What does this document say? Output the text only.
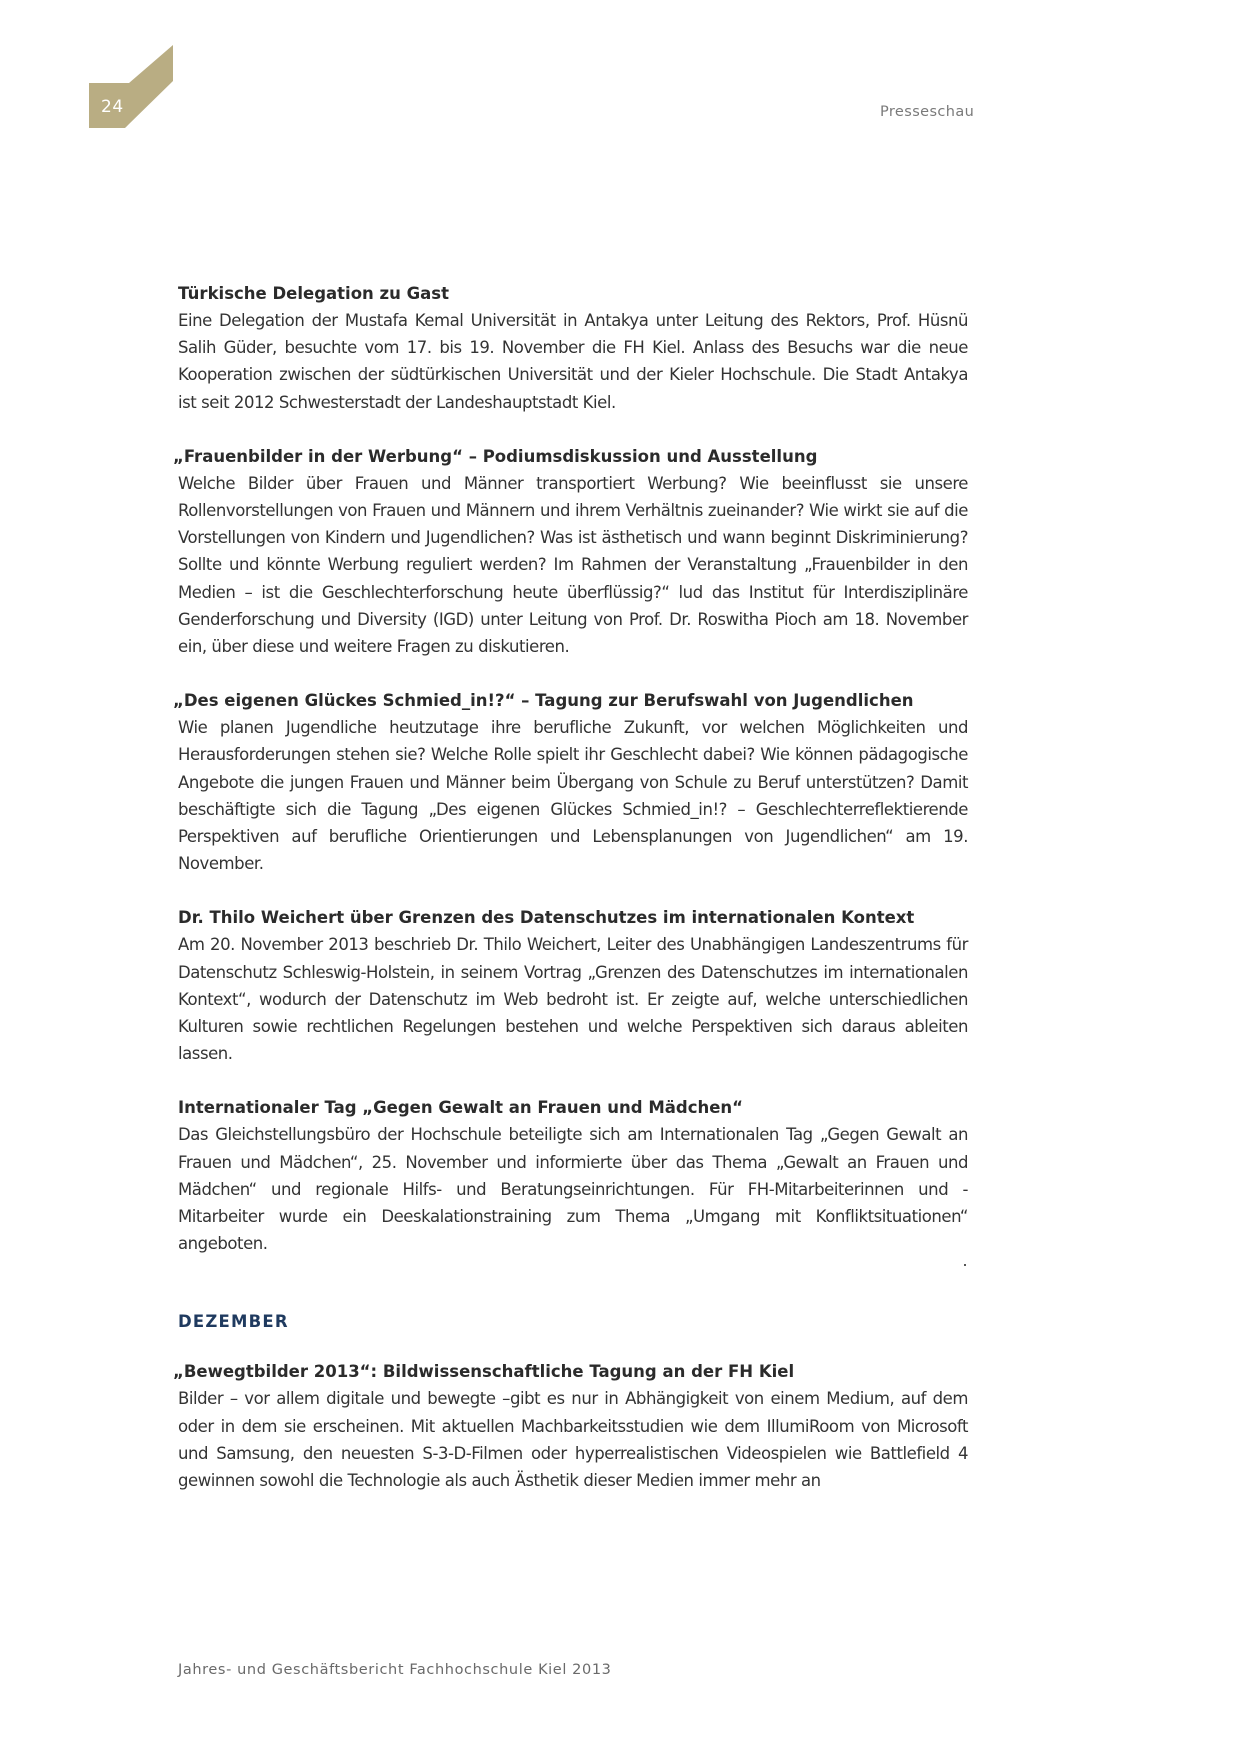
24	Presseschau

Türkische Delegation zu Gast

Eine Delegation der Mustafa Kemal Universität in Antakya unter Leitung des Rektors, Prof. Hüsnü Salih Güder, besuchte vom 17. bis 19. November die FH Kiel. Anlass des Besuchs war die neue Kooperation zwischen der südtürkischen Universität und der Kieler Hochschule. Die Stadt Antakya ist seit 2012 Schwesterstadt der Landeshauptstadt Kiel.

„Frauenbilder in der Werbung“ – Podiumsdiskussion und Ausstellung

Welche Bilder über Frauen und Männer transportiert Werbung? Wie beeinflusst sie unsere Rollenvorstellungen von Frauen und Männern und ihrem Verhältnis zueinander? Wie wirkt sie auf die Vorstellungen von Kindern und Jugendlichen? Was ist ästhetisch und wann beginnt Diskriminierung? Sollte und könnte Werbung reguliert werden? Im Rahmen der Veranstaltung „Frauenbilder in den Medien – ist die Geschlechterforschung heute überflüssig?“ lud das Institut für Interdisziplinäre Genderforschung und Diversity (IGD) unter Leitung von Prof. Dr. Roswitha Pioch am 18. November ein, über diese und weitere Fragen zu diskutieren.

„Des eigenen Glückes Schmied_in!?“ – Tagung zur Berufswahl von Jugendlichen

Wie planen Jugendliche heutzutage ihre berufliche Zukunft, vor welchen Möglichkeiten und Herausforderungen stehen sie? Welche Rolle spielt ihr Geschlecht dabei? Wie können pädagogische Angebote die jungen Frauen und Männer beim Übergang von Schule zu Beruf unterstützen? Damit beschäftigte sich die Tagung „Des eigenen Glückes Schmied_in!? – Geschlechterreflektierende Perspektiven auf berufliche Orientierungen und Lebensplanungen von Jugendlichen“ am 19. November.

Dr. Thilo Weichert über Grenzen des Datenschutzes im internationalen Kontext

Am 20. November 2013 beschrieb Dr. Thilo Weichert, Leiter des Unabhängigen Landeszentrums für Datenschutz Schleswig-Holstein, in seinem Vortrag „Grenzen des Datenschutzes im internationalen Kontext“, wodurch der Datenschutz im Web bedroht ist. Er zeigte auf, welche unterschiedlichen Kulturen sowie rechtlichen Regelungen bestehen und welche Perspektiven sich daraus ableiten lassen.

Internationaler Tag „Gegen Gewalt an Frauen und Mädchen“

Das Gleichstellungsbüro der Hochschule beteiligte sich am Internationalen Tag „Gegen Gewalt an Frauen und Mädchen“, 25. November und informierte über das Thema „Gewalt an Frauen und Mädchen“ und regionale Hilfs- und Beratungseinrichtungen. Für FH-Mitarbeiterinnen und -Mitarbeiter wurde ein Deeskalationstraining zum Thema „Umgang mit Konfliktsituationen“ angeboten.

DEZEMBER

„Bewegtbilder 2013“: Bildwissenschaftliche Tagung an der FH Kiel

Bilder – vor allem digitale und bewegte –gibt es nur in Abhängigkeit von einem Medium, auf dem oder in dem sie erscheinen. Mit aktuellen Machbarkeitsstudien wie dem IllumiRoom von Microsoft und Samsung, den neuesten S-3-D-Filmen oder hyperrealistischen Videospielen wie Battlefield 4 gewinnen sowohl die Technologie als auch Ästhetik dieser Medien immer mehr an

Jahres- und Geschäftsbericht Fachhochschule Kiel 2013
